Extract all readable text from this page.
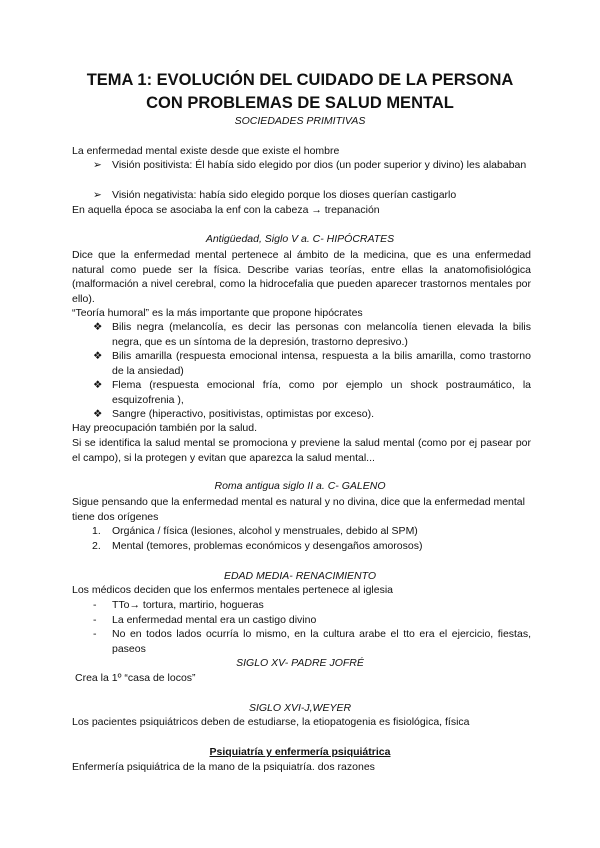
TEMA 1: EVOLUCIÓN DEL CUIDADO DE LA PERSONA

CON PROBLEMAS DE SALUD MENTAL

SOCIEDADES PRIMITIVAS

La enfermedad mental existe desde que existe el hombre

➢ Visión positivista: Él había sido elegido por dios (un poder superior y divino) les alababan

➢ Visión negativista: había sido elegido porque los dioses querían castigarlo

En aquella época se asociaba la enf con la cabeza → trepanación

Antigüedad, Siglo V a. C- HIPÓCRATES

Dice que la enfermedad mental pertenece al ámbito de la medicina, que es una enfermedad natural como puede ser la física. Describe varias teorías, entre ellas la anatomofisiológica (malformación a nivel cerebral, como la hidrocefalia que pueden aparecer trastornos mentales por ello).

“Teoría humoral” es la más importante que propone hipócrates

❖ Bilis negra (melancolía, es decir las personas con melancolía tienen elevada la bilis negra, que es un síntoma de la depresión, trastorno depresivo.)

❖ Bilis amarilla (respuesta emocional intensa, respuesta a la bilis amarilla, como trastorno de la ansiedad)

❖ Flema (respuesta emocional fría, como por ejemplo un shock postraumático, la esquizofrenia ),

❖ Sangre (hiperactivo, positivistas, optimistas por exceso).

Hay preocupación también por la salud.

Si se identifica la salud mental se promociona y previene la salud mental (como por ej pasear por el campo), si la protegen y evitan que aparezca la salud mental...

Roma antigua siglo II a. C- GALENO

Sigue pensando que la enfermedad mental es natural y no divina, dice que la enfermedad mental tiene dos orígenes

1. Orgánica / física (lesiones, alcohol y menstruales, debido al SPM)

2. Mental (temores, problemas económicos y desengaños amorosos)

EDAD MEDIA- RENACIMIENTO

Los médicos deciden que los enfermos mentales pertenece al iglesia

- TTo→ tortura, martirio, hogueras

- La enfermedad mental era un castigo divino

- No en todos lados ocurría lo mismo, en la cultura arabe el tto era el ejercicio, fiestas, paseos

SIGLO XV- PADRE JOFRÉ

Crea la 1º “casa de locos”

SIGLO XVI-J,WEYER

Los pacientes psiquiátricos deben de estudiarse, la etiopatogenia es fisiológica, física

Psiquiatría y enfermería psiquiátrica

Enfermería psiquiátrica de la mano de la psiquiatría. dos razones
